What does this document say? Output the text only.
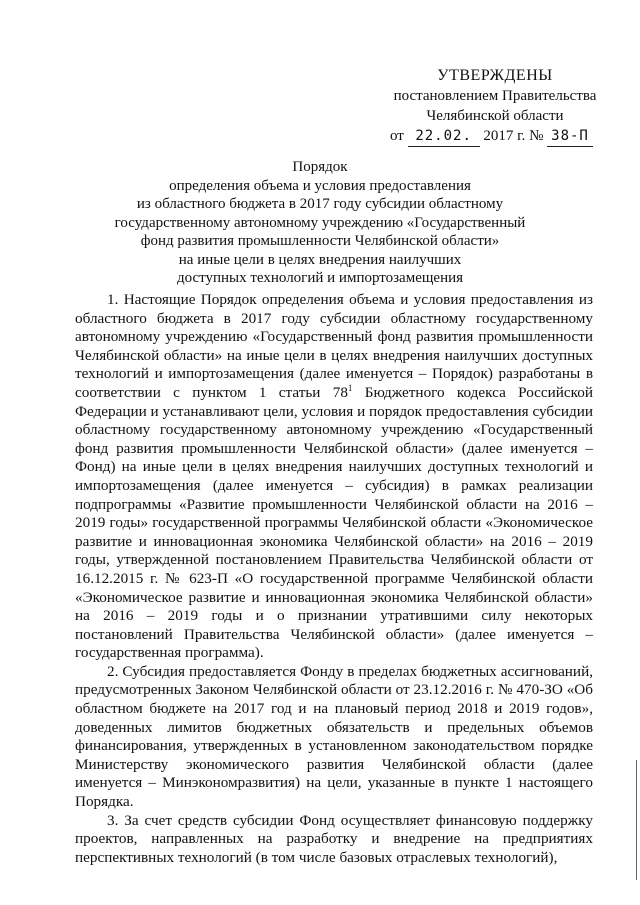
УТВЕРЖДЕНЫ
постановлением Правительства
Челябинской области
от 22.02. 2017 г. № 38-П
Порядок
определения объема и условия предоставления
из областного бюджета в 2017 году субсидии областному
государственному автономному учреждению «Государственный
фонд развития промышленности Челябинской области»
на иные цели в целях внедрения наилучших
доступных технологий и импортозамещения

1. Настоящие Порядок определения объема и условия предоставления из областного бюджета в 2017 году субсидии областному государственному автономному учреждению «Государственный фонд развития промышленности Челябинской области» на иные цели в целях внедрения наилучших доступных технологий и импортозамещения (далее именуется – Порядок) разработаны в соответствии с пунктом 1 статьи $78^1$ Бюджетного кодекса Российской Федерации и устанавливают цели, условия и порядок предоставления субсидии областному государственному автономному учреждению «Государственный фонд развития промышленности Челябинской области» (далее именуется – Фонд) на иные цели в целях внедрения наилучших доступных технологий и импортозамещения (далее именуется – субсидия) в рамках реализации подпрограммы «Развитие промышленности Челябинской области на 2016 – 2019 годы» государственной программы Челябинской области «Экономическое развитие и инновационная экономика Челябинской области» на 2016 – 2019 годы, утвержденной постановлением Правительства Челябинской области от 16.12.2015 г. № 623-П «О государственной программе Челябинской области «Экономическое развитие и инновационная экономика Челябинской области» на 2016 – 2019 годы и о признании утратившими силу некоторых постановлений Правительства Челябинской области» (далее именуется – государственная программа).

2. Субсидия предоставляется Фонду в пределах бюджетных ассигнований, предусмотренных Законом Челябинской области от 23.12.2016 г. № 470-ЗО «Об областном бюджете на 2017 год и на плановый период 2018 и 2019 годов», доведенных лимитов бюджетных обязательств и предельных объемов финансирования, утвержденных в установленном законодательством порядке Министерству экономического развития Челябинской области (далее именуется – Минэкономразвития) на цели, указанные в пункте 1 настоящего Порядка.

3. За счет средств субсидии Фонд осуществляет финансовую поддержку проектов, направленных на разработку и внедрение на предприятиях перспективных технологий (в том числе базовых отраслевых технологий),
